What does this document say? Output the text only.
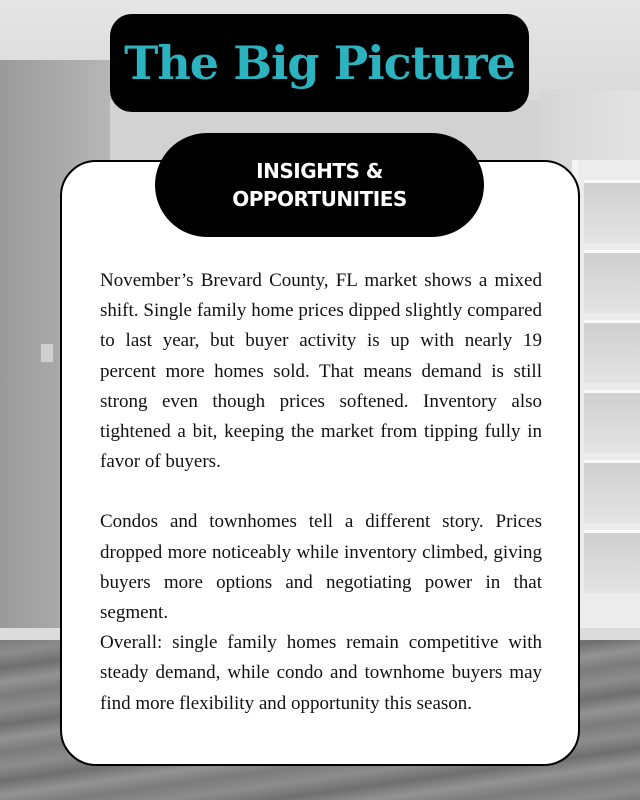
The Big Picture
INSIGHTS &
OPPORTUNITIES

November’s Brevard County, FL market shows a mixed shift. Single family home prices dipped slightly compared to last year, but buyer activity is up with nearly 19 percent more homes sold. That means demand is still strong even though prices softened. Inventory also tightened a bit, keeping the market from tipping fully in favor of buyers.

Condos and townhomes tell a different story. Prices dropped more noticeably while inventory climbed, giving buyers more options and negotiating power in that segment.

Overall: single family homes remain competitive with steady demand, while condo and townhome buyers may find more flexibility and opportunity this season.
